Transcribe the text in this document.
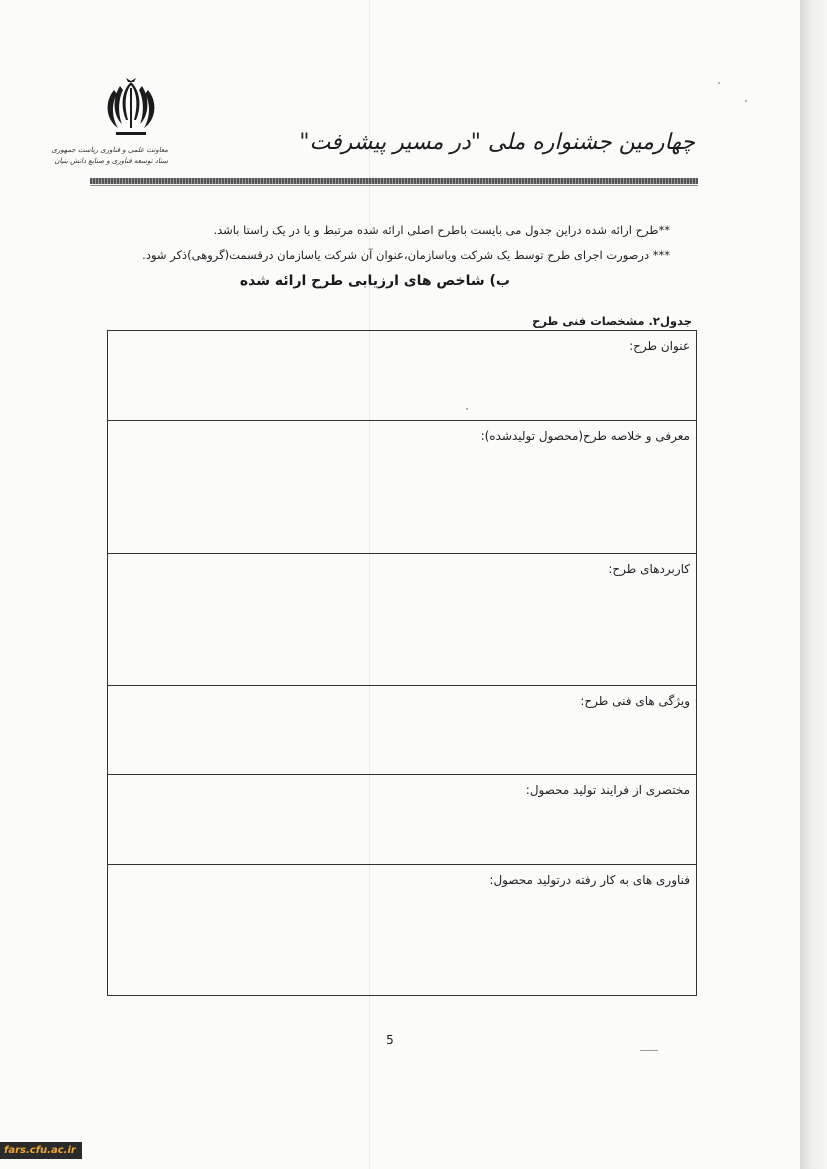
معاونت علمی و فناوری ریاست جمهوری
ستاد توسعه فناوری و صنایع دانش بنیان
چهارمین جشنواره ملی "در مسیر پیشرفت"
**طرح ارائه شده دراین جدول می بایست باطرح اصلی ارائه شده مرتبط و یا در یک راستا باشد.
*** درصورت اجرای طرح توسط یک شرکت ویاسازمان،عنوان آن شرکت یاسازمان درقسمت(گروهی)ذکر شود.
ب) شاخص های ارزیابی طرح ارائه شده
جدول۲. مشخصات فنی طرح
عنوان طرح:
معرفی و خلاصه طرح(محصول تولیدشده):
کاربردهای طرح:
ویژگی های فنی طرح:
مختصری از فرایند تولید محصول:
فناوری های به کار رفته درتولید محصول:
5
fars.cfu.ac.ir
